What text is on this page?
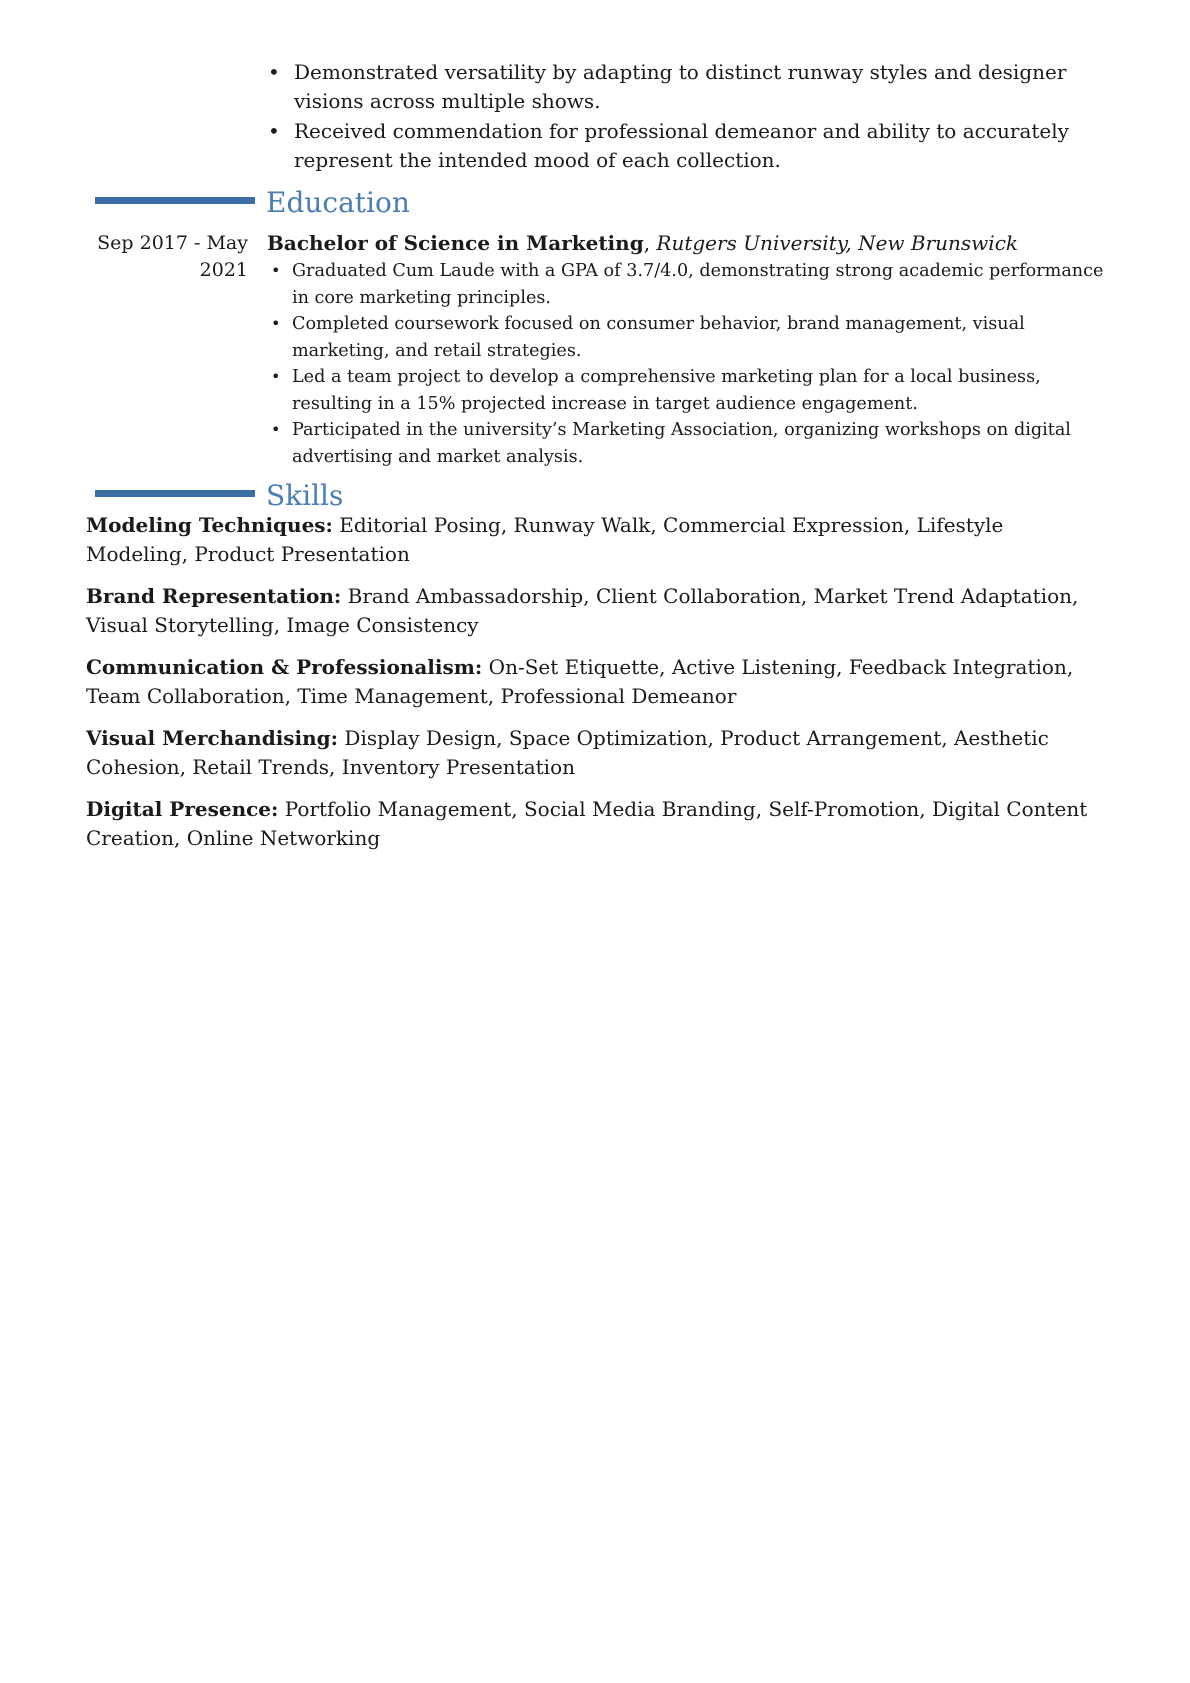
• Demonstrated versatility by adapting to distinct runway styles and designer visions across multiple shows.
• Received commendation for professional demeanor and ability to accurately represent the intended mood of each collection.
Education
Sep 2017 - May
2021
Bachelor of Science in Marketing, Rutgers University, New Brunswick
• Graduated Cum Laude with a GPA of 3.7/4.0, demonstrating strong academic performance in core marketing principles.
• Completed coursework focused on consumer behavior, brand management, visual marketing, and retail strategies.
• Led a team project to develop a comprehensive marketing plan for a local business, resulting in a 15% projected increase in target audience engagement.
• Participated in the university’s Marketing Association, organizing workshops on digital advertising and market analysis.
Skills

Modeling Techniques: Editorial Posing, Runway Walk, Commercial Expression, Lifestyle Modeling, Product Presentation

Brand Representation: Brand Ambassadorship, Client Collaboration, Market Trend Adaptation, Visual Storytelling, Image Consistency

Communication & Professionalism: On-Set Etiquette, Active Listening, Feedback Integration, Team Collaboration, Time Management, Professional Demeanor

Visual Merchandising: Display Design, Space Optimization, Product Arrangement, Aesthetic Cohesion, Retail Trends, Inventory Presentation

Digital Presence: Portfolio Management, Social Media Branding, Self-Promotion, Digital Content Creation, Online Networking
